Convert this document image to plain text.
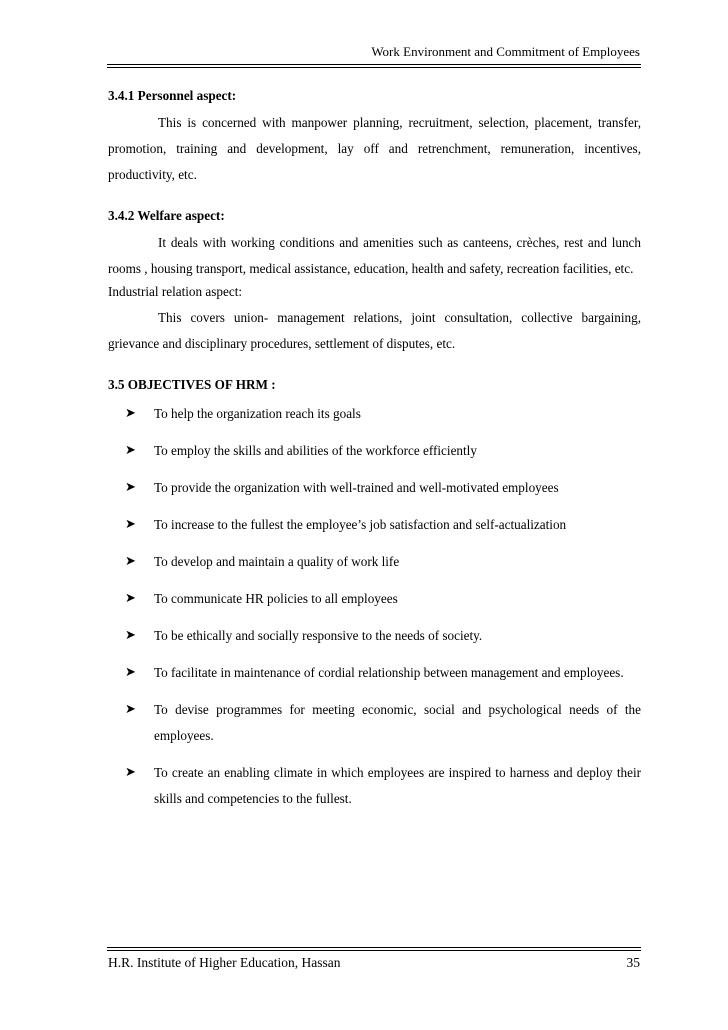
Work Environment and Commitment of Employees

3.4.1 Personnel aspect:

This is concerned with manpower planning, recruitment, selection, placement, transfer, promotion, training and development, lay off and retrenchment, remuneration, incentives, productivity, etc.

3.4.2 Welfare aspect:

It deals with working conditions and amenities such as canteens, crèches, rest and lunch rooms , housing transport, medical assistance, education, health and safety, recreation facilities, etc.

Industrial relation aspect:

This covers union- management relations, joint consultation, collective bargaining, grievance and disciplinary procedures, settlement of disputes, etc.

3.5 OBJECTIVES OF HRM :

➤ To help the organization reach its goals
➤ To employ the skills and abilities of the workforce efficiently
➤ To provide the organization with well-trained and well-motivated employees
➤ To increase to the fullest the employee’s job satisfaction and self-actualization
➤ To develop and maintain a quality of work life
➤ To communicate HR policies to all employees
➤ To be ethically and socially responsive to the needs of society.
➤ To facilitate in maintenance of cordial relationship between management and employees.
➤ To devise programmes for meeting economic, social and psychological needs of the employees.
➤ To create an enabling climate in which employees are inspired to harness and deploy their skills and competencies to the fullest.
H.R. Institute of Higher Education, Hassan	35
